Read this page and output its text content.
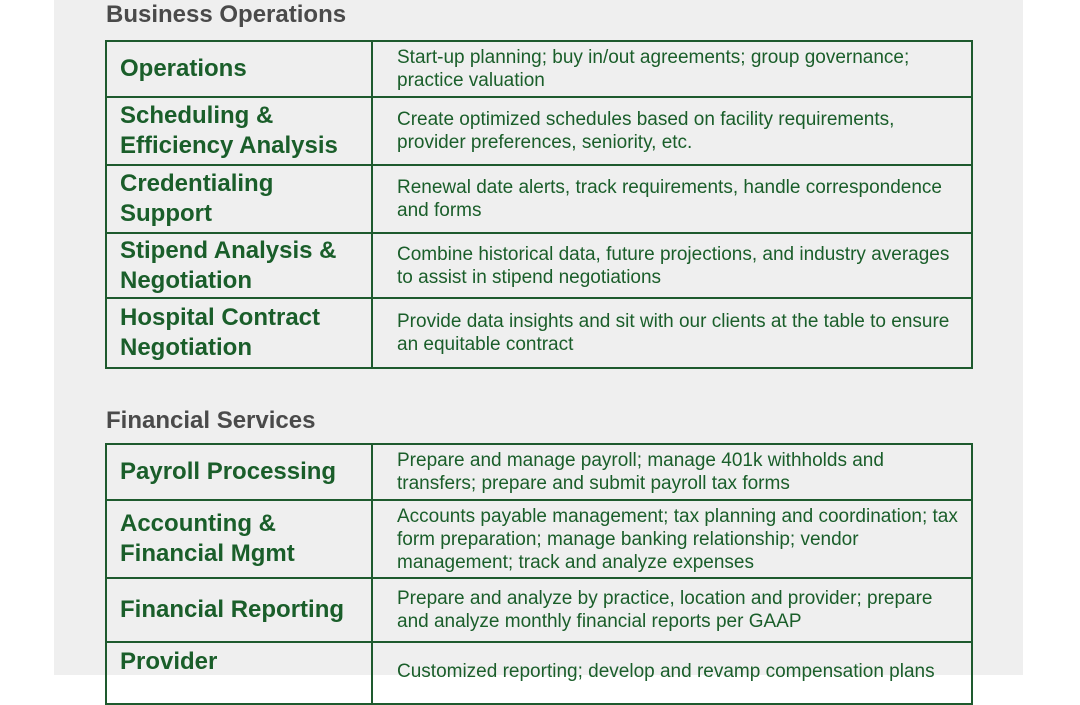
Business Operations
Operations	Start-up planning; buy in/out agreements; group governance; practice valuation
Scheduling & Efficiency Analysis	Create optimized schedules based on facility requirements, provider preferences, seniority, etc.
Credentialing Support	Renewal date alerts, track requirements, handle correspondence and forms
Stipend Analysis & Negotiation	Combine historical data, future projections, and industry averages to assist in stipend negotiations
Hospital Contract Negotiation	Provide data insights and sit with our clients at the table to ensure an equitable contract
Financial Services
Payroll Processing	Prepare and manage payroll; manage 401k withholds and transfers; prepare and submit payroll tax forms
Accounting & Financial Mgmt	Accounts payable management; tax planning and coordination; tax form preparation; manage banking relationship; vendor management; track and analyze expenses
Financial Reporting	Prepare and analyze by practice, location and provider; prepare and analyze monthly financial reports per GAAP
Provider	Customized reporting; develop and revamp compensation plans
